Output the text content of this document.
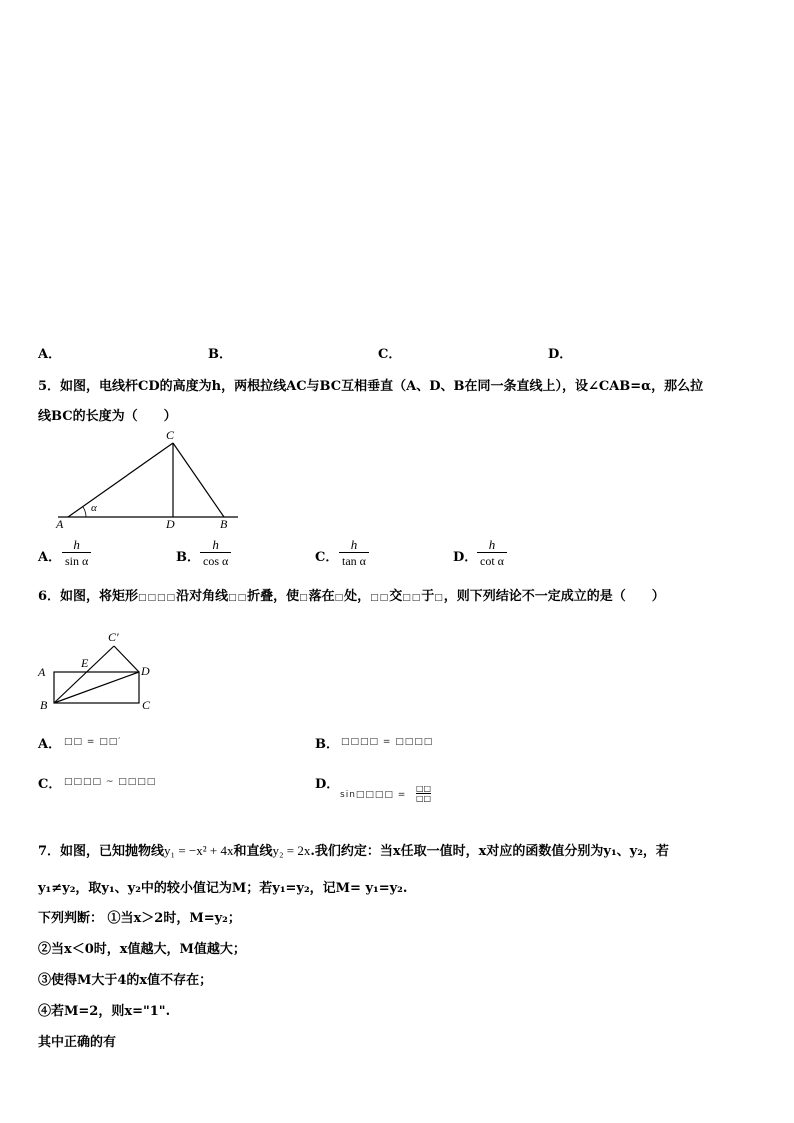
A．	B．	C．	D．
5．如图，电线杆CD的高度为h，两根拉线AC与BC互相垂直（A、D、B在同一条直线上），设∠CAB=α，那么拉
线BC的长度为（　　）
A	D	B
C
α
A．
h
sin α	B．
h
cos α	C．
h
tan α	D．
h
cot α
6．如图，将矩形□□□□沿对角线□□折叠，使□落在□处，□□交□□于□，则下列结论不一定成立的是（　　）
A
B	C
D
E
C′
A． □□ = □□′	B． □□□□ = □□□□
C． □□□□ ~ □□□□	D．
sin□□□□ =
□□
□□
7．如图，已知抛物线y₁ = −x² + 4x和直线y₂ = 2x.我们约定：当x任取一值时，x对应的函数值分别为y₁、y₂，若
y₁≠y₂，取y₁、y₂中的较小值记为M；若y₁=y₂，记M= y₁=y₂.
下列判断： ①当x＞2时，M=y₂；
②当x＜0时，x值越大，M值越大；
③使得M大于4的x值不存在；
④若M=2，则x="1".
其中正确的有
